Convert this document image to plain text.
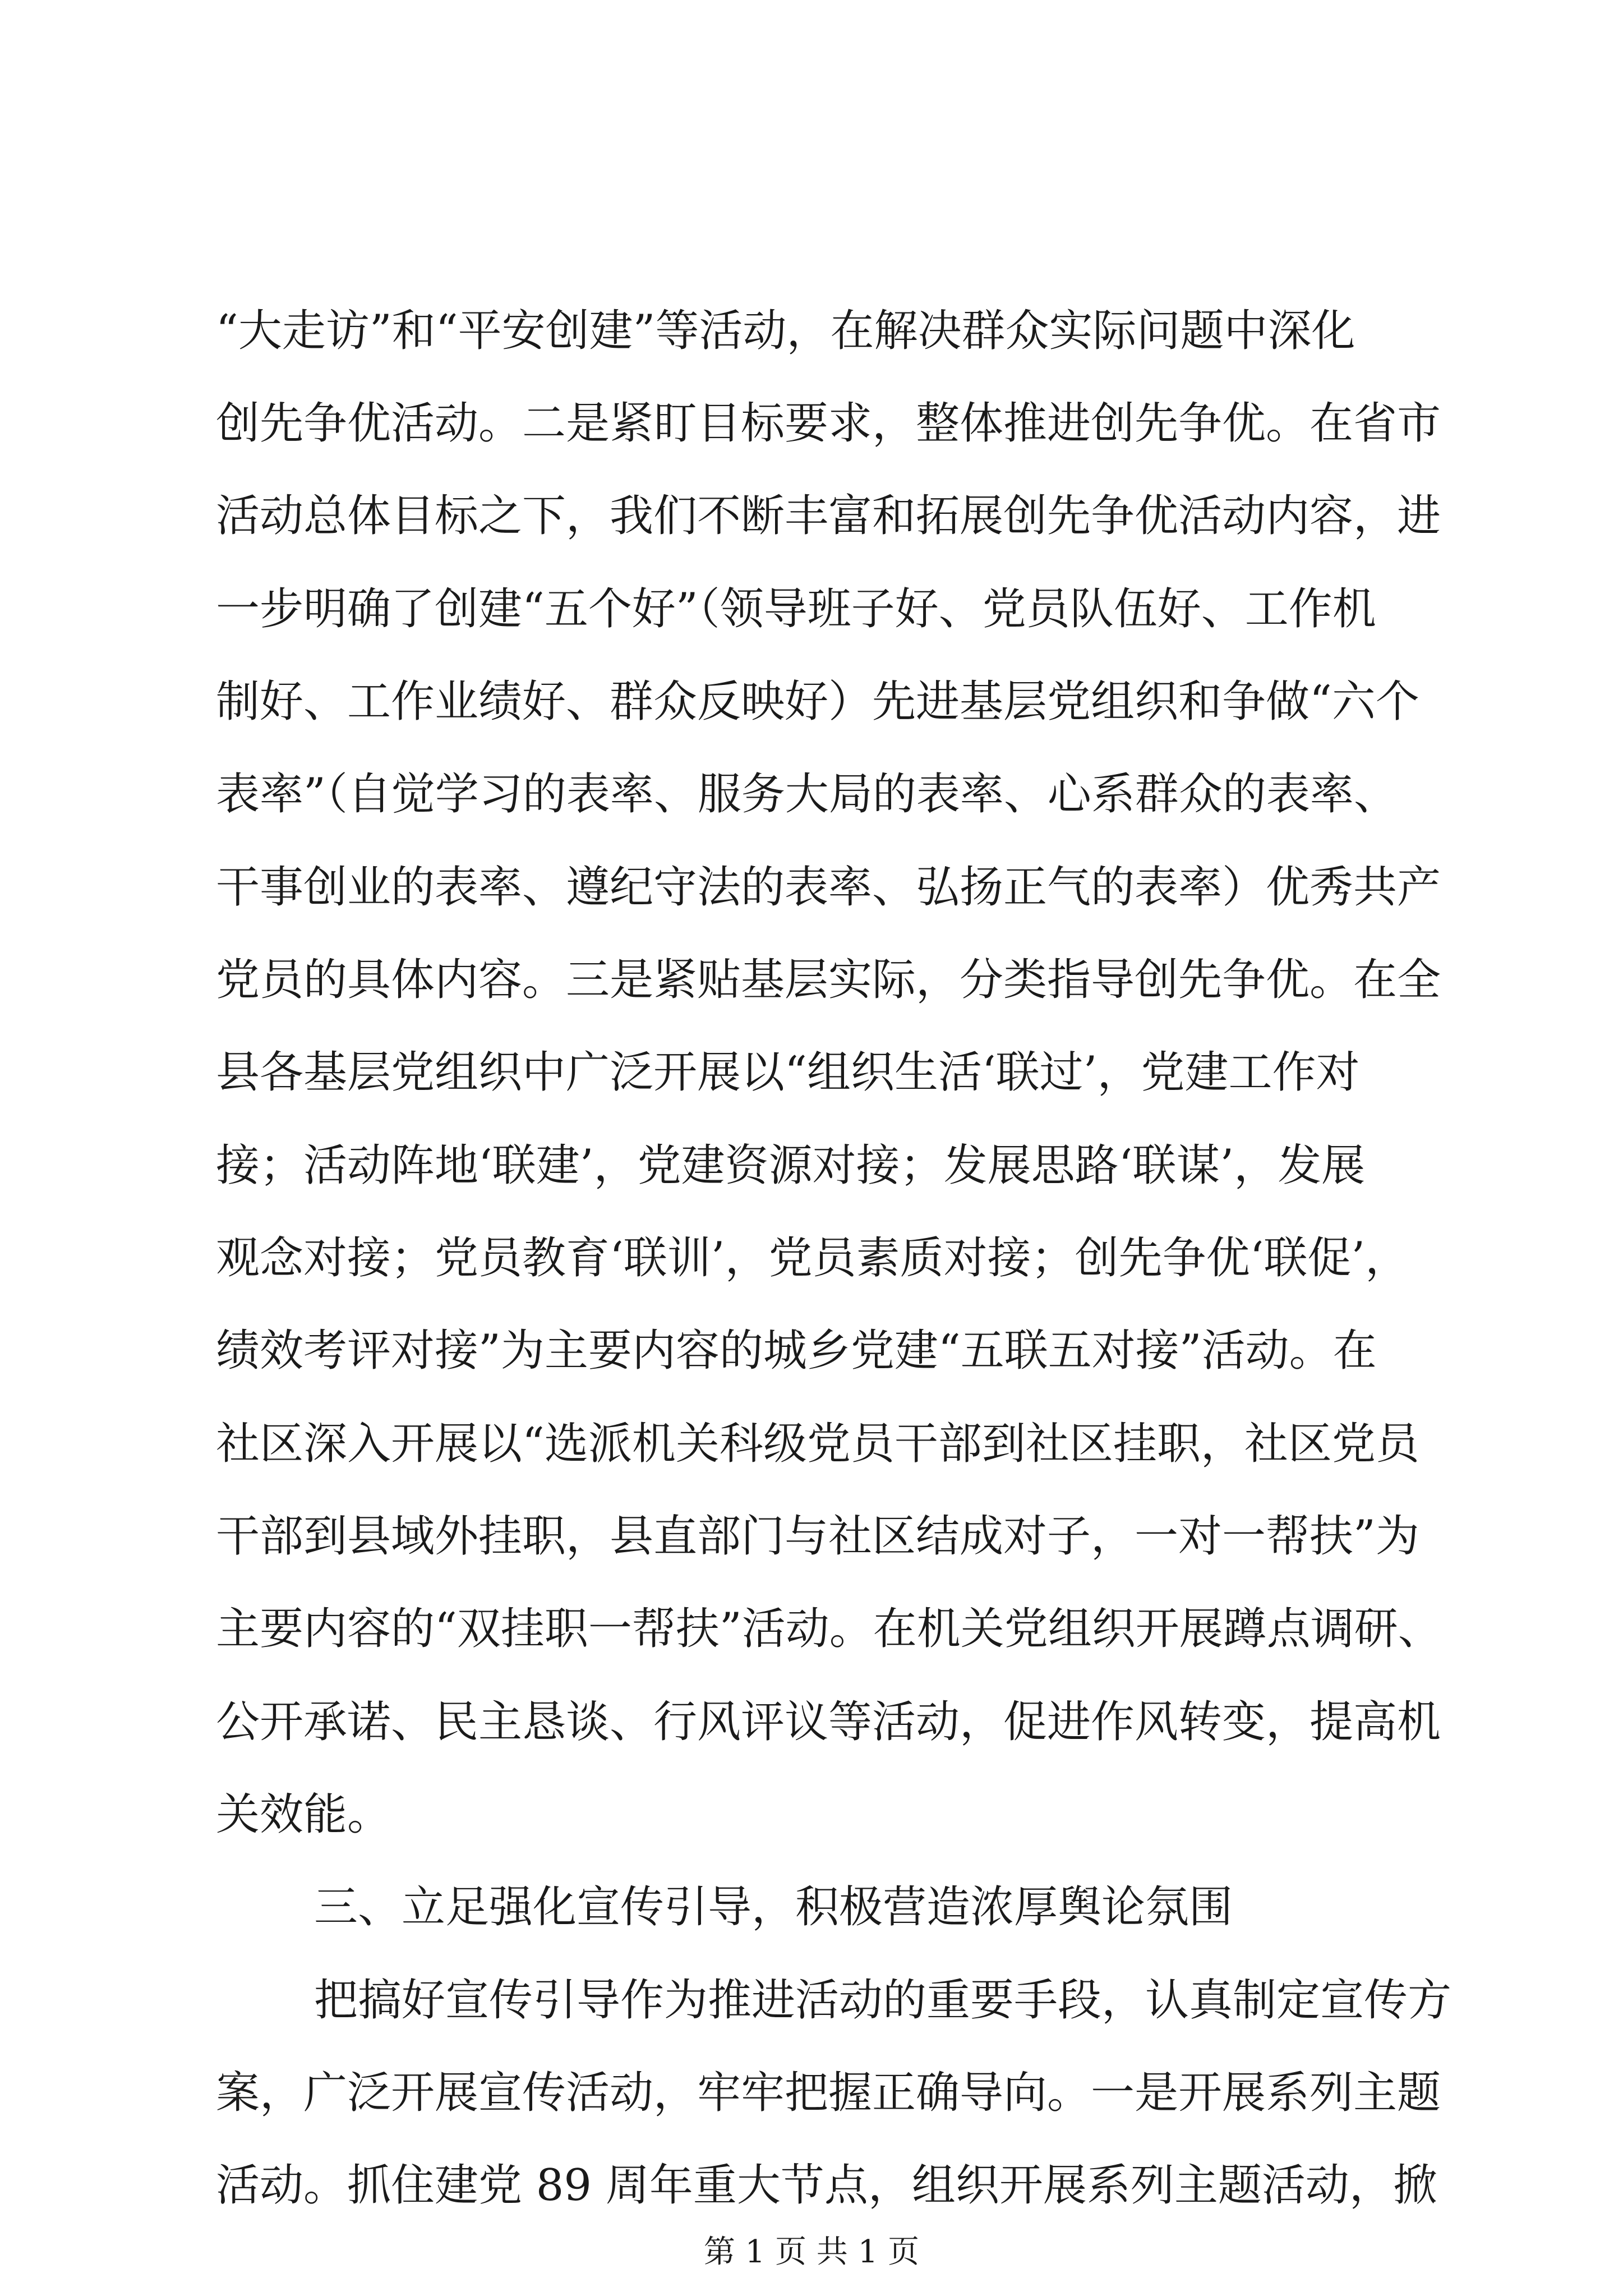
“大走访”和“平安创建”等活动，在解决群众实际问题中深化
创先争优活动。二是紧盯目标要求，整体推进创先争优。在省市
活动总体目标之下，我们不断丰富和拓展创先争优活动内容，进
一步明确了创建“五个好”（领导班子好、党员队伍好、工作机
制好、工作业绩好、群众反映好）先进基层党组织和争做“六个
表率”（自觉学习的表率、服务大局的表率、心系群众的表率、
干事创业的表率、遵纪守法的表率、弘扬正气的表率）优秀共产
党员的具体内容。三是紧贴基层实际，分类指导创先争优。在全
县各基层党组织中广泛开展以“组织生活‘联过’，党建工作对
接；活动阵地‘联建’，党建资源对接；发展思路‘联谋’，发展
观念对接；党员教育‘联训’，党员素质对接；创先争优‘联促’，
绩效考评对接”为主要内容的城乡党建“五联五对接”活动。在
社区深入开展以“选派机关科级党员干部到社区挂职，社区党员
干部到县域外挂职，县直部门与社区结成对子，一对一帮扶”为
主要内容的“双挂职一帮扶”活动。在机关党组织开展蹲点调研、
公开承诺、民主恳谈、行风评议等活动，促进作风转变，提高机
关效能。
三、立足强化宣传引导，积极营造浓厚舆论氛围
把搞好宣传引导作为推进活动的重要手段，认真制定宣传方
案，广泛开展宣传活动，牢牢把握正确导向。一是开展系列主题
活动。抓住建党 89 周年重大节点，组织开展系列主题活动，掀
第 1 页 共 1 页
